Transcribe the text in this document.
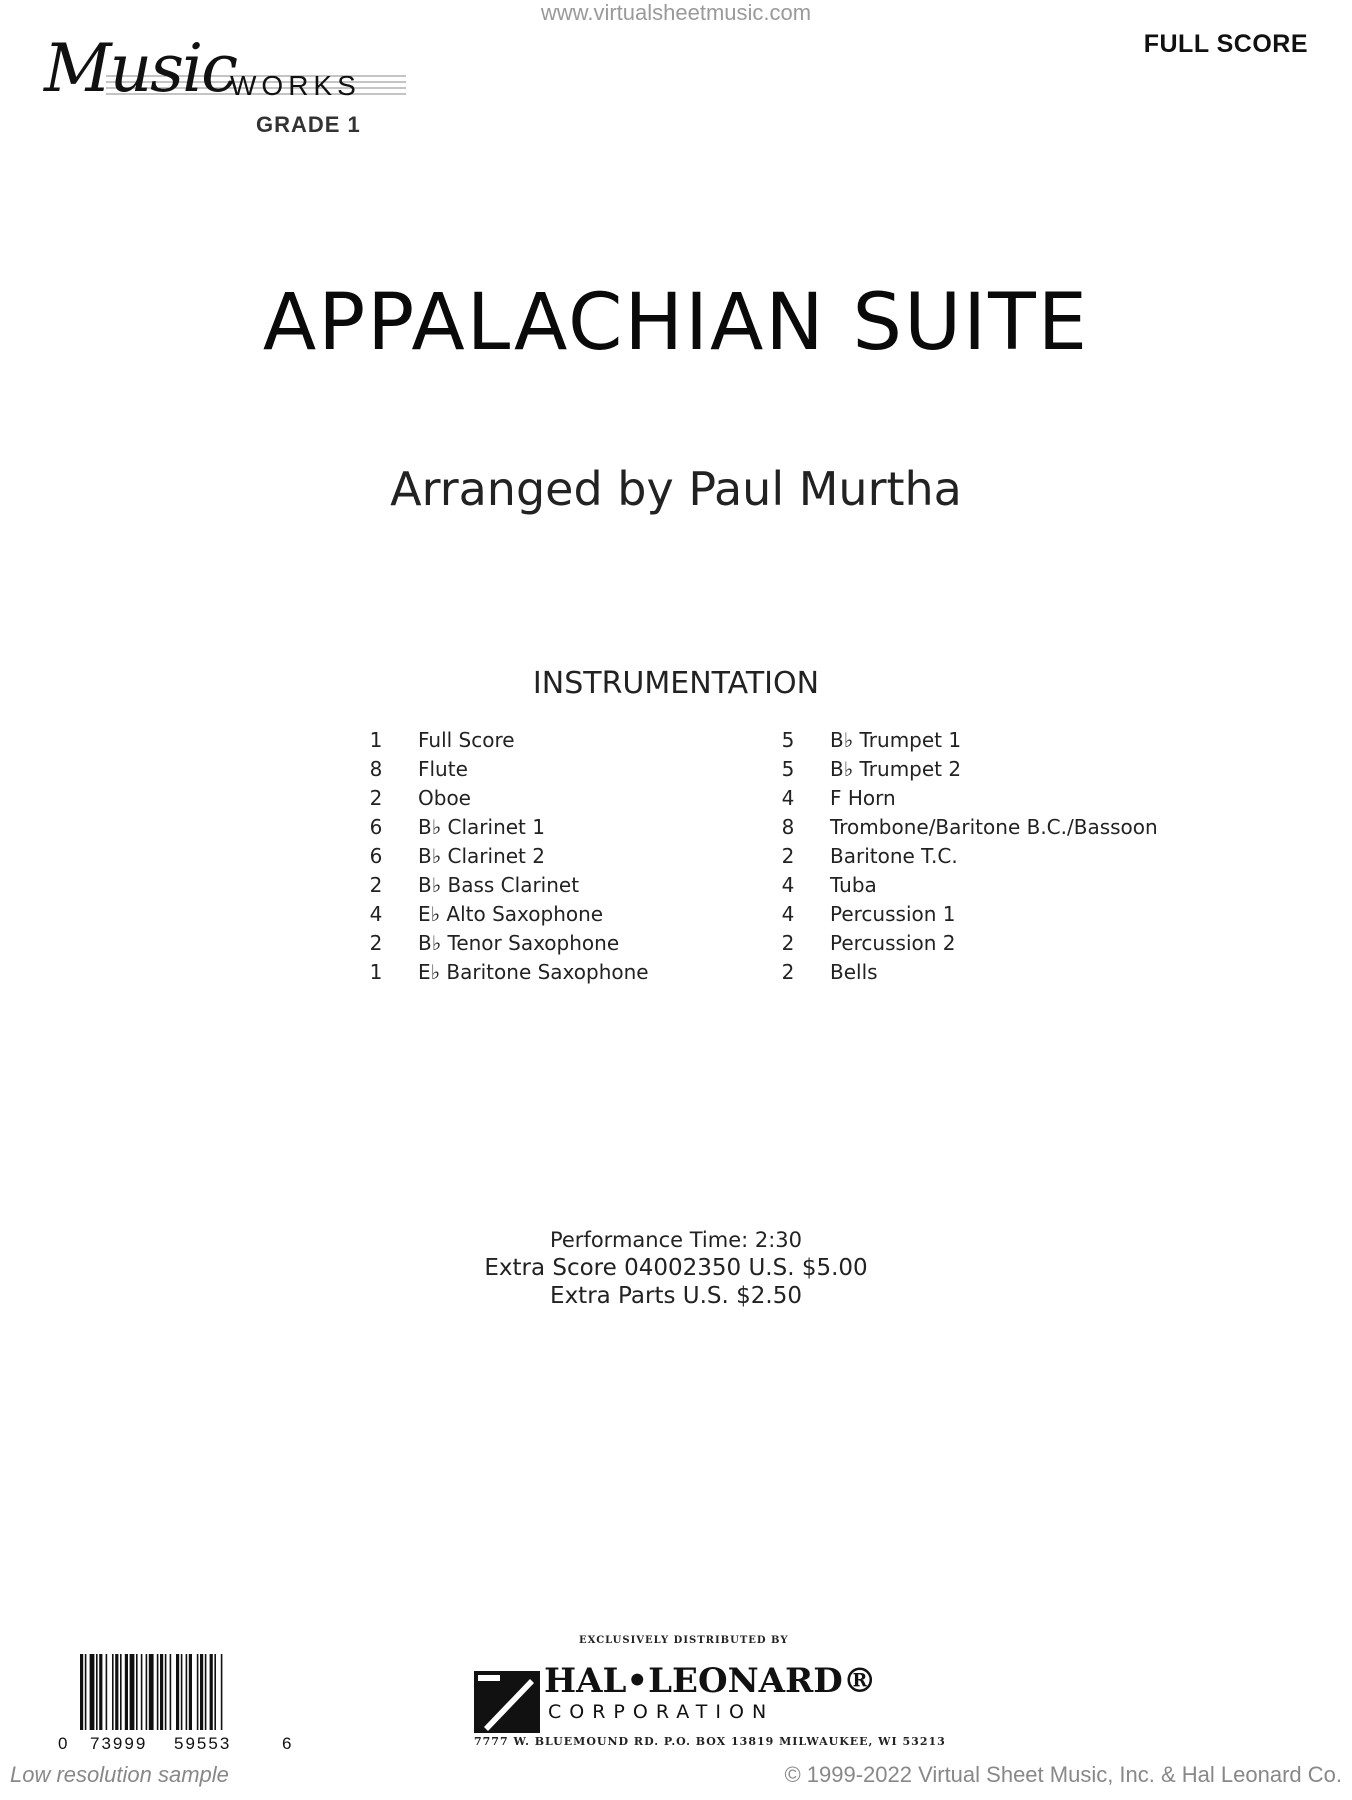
www.virtualsheetmusic.com
FULL SCORE
Music
WORKS
GRADE 1
APPALACHIAN SUITE
Arranged by Paul Murtha
INSTRUMENTATION
1 Full Score
8 Flute
2 Oboe
6 B♭ Clarinet 1
6 B♭ Clarinet 2
2 B♭ Bass Clarinet
4 E♭ Alto Saxophone
2 B♭ Tenor Saxophone
1 E♭ Baritone Saxophone
5 B♭ Trumpet 1
5 B♭ Trumpet 2
4 F Horn
8 Trombone/Baritone B.C./Bassoon
2 Baritone T.C.
4 Tuba
4 Percussion 1
2 Percussion 2
2 Bells
Performance Time: 2:30
Extra Score 04002350 U.S. $5.00
Extra Parts U.S. $2.50
0 73999 59553	6
EXCLUSIVELY DISTRIBUTED BY
HAL•LEONARD®
CORPORATION
7777 W. BLUEMOUND RD. P.O. BOX 13819 MILWAUKEE, WI 53213
Low resolution sample	© 1999-2022 Virtual Sheet Music, Inc. & Hal Leonard Co.
